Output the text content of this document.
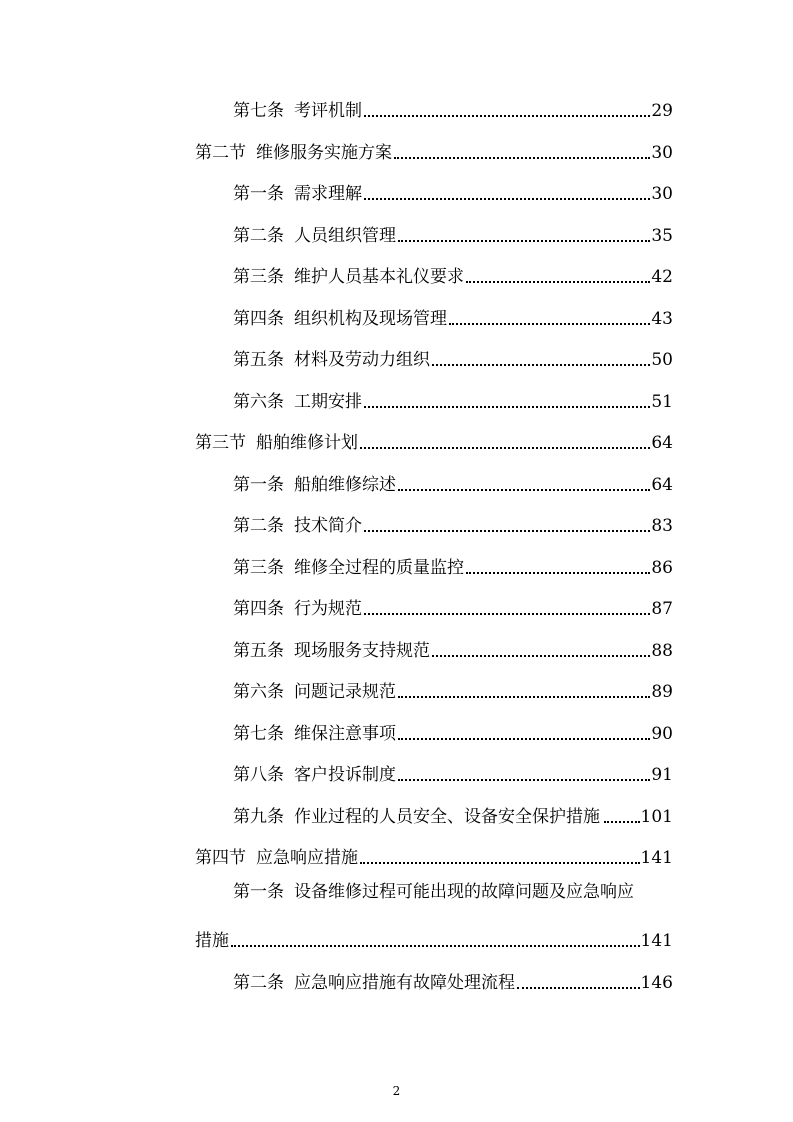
第七条 考评机制	29
第二节 维修服务实施方案	30
第一条 需求理解	30
第二条 人员组织管理	35
第三条 维护人员基本礼仪要求	42
第四条 组织机构及现场管理	43
第五条 材料及劳动力组织	50
第六条 工期安排	51
第三节 船舶维修计划	64
第一条 船舶维修综述	64
第二条 技术简介	83
第三条 维修全过程的质量监控	86
第四条 行为规范	87
第五条 现场服务支持规范	88
第六条 问题记录规范	89
第七条 维保注意事项	90
第八条 客户投诉制度	91
第九条 作业过程的人员安全、设备安全保护措施 101
第四节 应急响应措施	141
第一条 设备维修过程可能出现的故障问题及应急响应
措施	141
第二条 应急响应措施有故障处理流程	146
2
